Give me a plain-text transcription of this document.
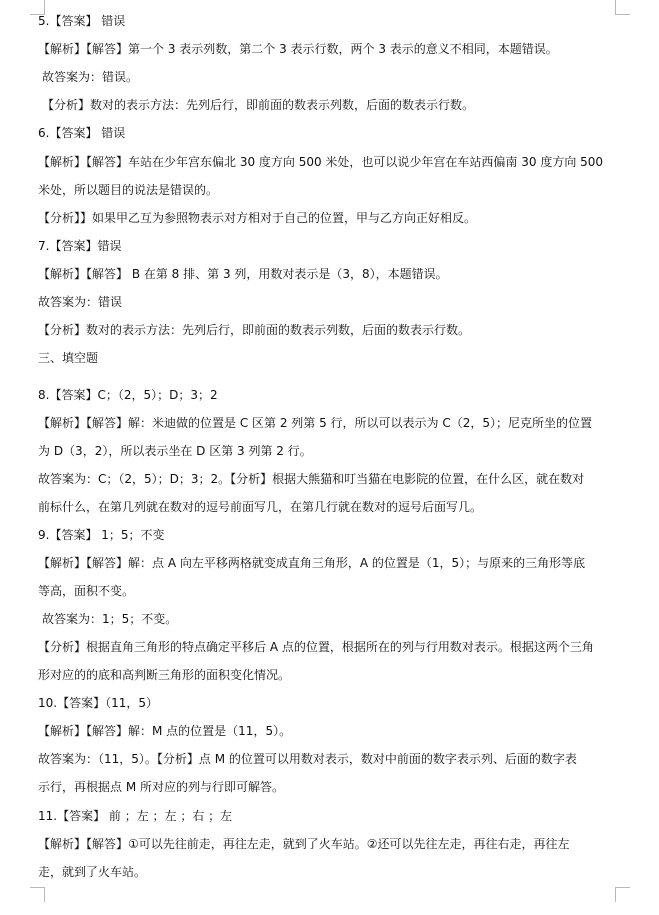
5.【答案】 错误
【解析】【解答】第一个 3 表示列数，第二个 3 表示行数，两个 3 表示的意义不相同，本题错误。
故答案为：错误。
【分析】数对的表示方法：先列后行，即前面的数表示列数，后面的数表示行数。
6.【答案】 错误
【解析】【解答】车站在少年宫东偏北 30 度方向 500 米处，也可以说少年宫在车站西偏南 30 度方向 500
米处，所以题目的说法是错误的。
【分析】】如果甲乙互为参照物表示对方相对于自己的位置，甲与乙方向正好相反。
7.【答案】错误
【解析】【解答】 B 在第 8 排、第 3 列，用数对表示是（3，8），本题错误。
故答案为：错误
【分析】数对的表示方法：先列后行，即前面的数表示列数，后面的数表示行数。
三、填空题
8.【答案】C；（2，5）；D；3；2
【解析】【解答】解：米迪做的位置是 C 区第 2 列第 5 行，所以可以表示为 C（2，5）；尼克所坐的位置
为 D（3，2），所以表示坐在 D 区第 3 列第 2 行。
故答案为：C；（2，5）；D；3；2。【分析】根据大熊猫和叮当猫在电影院的位置，在什么区，就在数对
前标什么，在第几列就在数对的逗号前面写几，在第几行就在数对的逗号后面写几。
9.【答案】 1；5；不变
【解析】【解答】解：点 A 向左平移两格就变成直角三角形，A 的位置是（1，5）；与原来的三角形等底
等高，面积不变。
故答案为：1；5；不变。
【分析】根据直角三角形的特点确定平移后 A 点的位置，根据所在的列与行用数对表示。根据这两个三角
形对应的的底和高判断三角形的面积变化情况。
10.【答案】（11，5）
【解析】【解答】解：M 点的位置是（11，5）。
故答案为：（11，5）。【分析】点 M 的位置可以用数对表示，数对中前面的数字表示列、后面的数字表
示行，再根据点 M 所对应的列与行即可解答。
11.【答案】 前 ；左 ；左 ；右 ；左
【解析】【解答】①可以先往前走，再往左走，就到了火车站。②还可以先往左走，再往右走，再往左
走，就到了火车站。
